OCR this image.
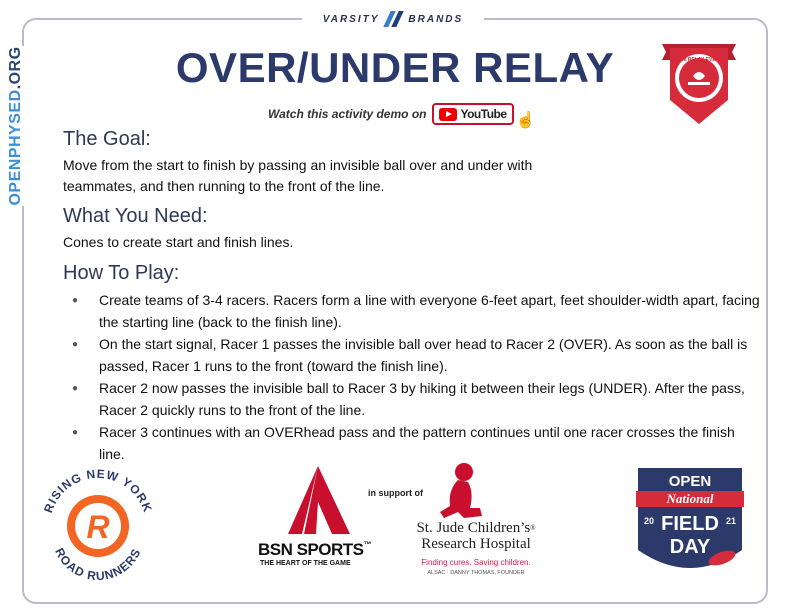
VARSITY	BRANDS
OPENPHYSED.ORG	OVER/UNDER RELAY
Watch this activity demo on	YouTube ☝
TEAM RELAY EVENTS
The Goal:
Move from the start to finish by passing an invisible ball over and under with
teammates, and then running to the front of the line.
What You Need:
Cones to create start and finish lines.
How To Play:
● Create teams of 3-4 racers. Racers form a line with everyone 6-feet apart, feet shoulder-width apart, facing the starting line (back to the finish line).
● On the start signal, Racer 1 passes the invisible ball over head to Racer 2 (OVER). As soon as the ball is passed, Racer 1 runs to the front (toward the finish line).
● Racer 2 now passes the invisible ball to Racer 3 by hiking it between their legs (UNDER). After the pass, Racer 2 quickly runs to the front of the line.
● Racer 3 continues with an OVERhead pass and the pattern continues until one racer crosses the finish line.
RISING NEW YORK
ROAD RUNNERS
R
BSN SPORTS™
THE HEART OF THE GAME
in support of
St. Jude Children’s®
Research Hospital
Finding cures. Saving children.
ALSAC · DANNY THOMAS, FOUNDER
OPEN
National
20	21
FIELD
DAY
